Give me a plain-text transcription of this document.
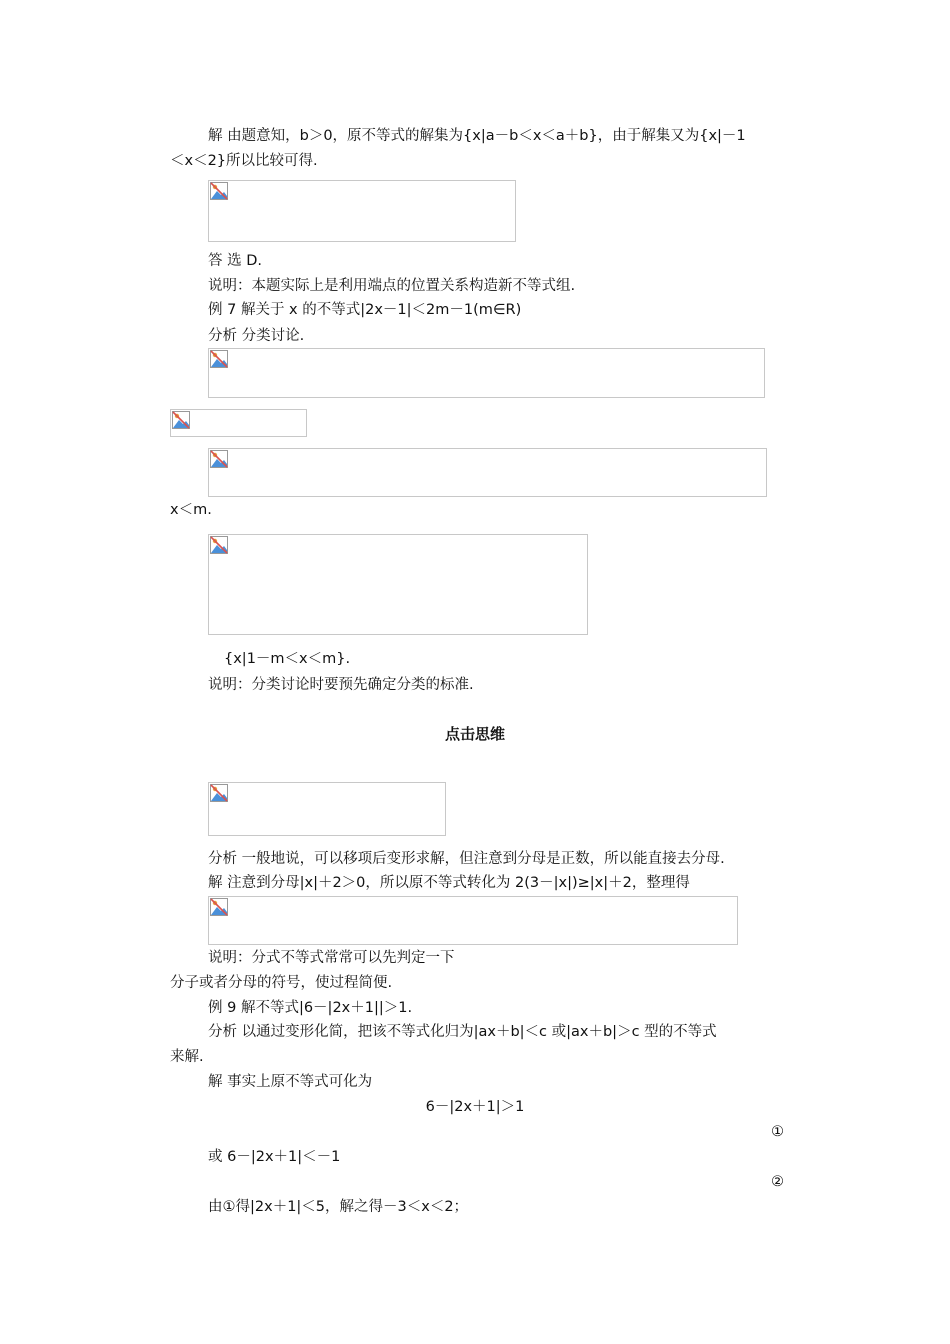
解 由题意知，b＞0，原不等式的解集为{x|a－b＜x＜a＋b}，由于解集又为{x|－1
＜x＜2}所以比较可得.
答 选 D.
说明：本题实际上是利用端点的位置关系构造新不等式组.
例 7 解关于 x 的不等式|2x－1|＜2m－1(m∈R)
分析 分类讨论.
x＜m.
{x|1－m＜x＜m}.
说明：分类讨论时要预先确定分类的标准.
点击思维
分析 一般地说，可以移项后变形求解，但注意到分母是正数，所以能直接去分母.
解 注意到分母|x|＋2＞0，所以原不等式转化为 2(3－|x|)≥|x|＋2，整理得
说明：分式不等式常常可以先判定一下
分子或者分母的符号，使过程简便.
例 9 解不等式|6－|2x＋1||＞1.
分析 以通过变形化简，把该不等式化归为|ax＋b|＜c 或|ax＋b|＞c 型的不等式
来解.
解 事实上原不等式可化为
6－|2x＋1|＞1
①
或 6－|2x＋1|＜－1
②
由①得|2x＋1|＜5，解之得－3＜x＜2；
